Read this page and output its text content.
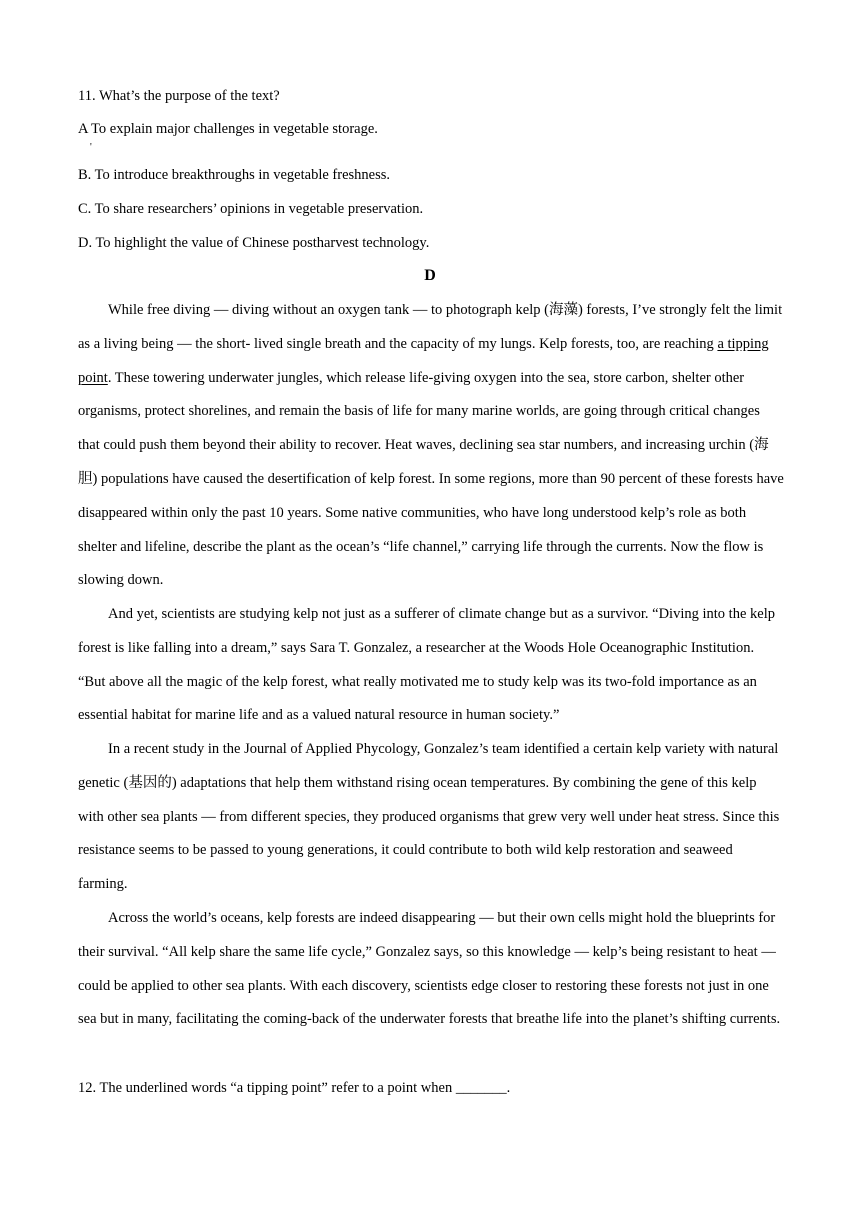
11. What’s the purpose of the text?
A To explain major challenges in vegetable storage.
'
B. To introduce breakthroughs in vegetable freshness.
C. To share researchers’ opinions in vegetable preservation.
D. To highlight the value of Chinese postharvest technology.
D

While free diving — diving without an oxygen tank — to photograph kelp (海藻) forests, I’ve strongly felt the limit as a living being — the short- lived single breath and the capacity of my lungs. Kelp forests, too, are reaching a tipping point. These towering underwater jungles, which release life-giving oxygen into the sea, store carbon, shelter other organisms, protect shorelines, and remain the basis of life for many marine worlds, are going through critical changes that could push them beyond their ability to recover. Heat waves, declining sea star numbers, and increasing urchin (海胆) populations have caused the desertification of kelp forest. In some regions, more than 90 percent of these forests have disappeared within only the past 10 years. Some native communities, who have long understood kelp’s role as both shelter and lifeline, describe the plant as the ocean’s “life channel,” carrying life through the currents. Now the flow is slowing down.

And yet, scientists are studying kelp not just as a sufferer of climate change but as a survivor. “Diving into the kelp forest is like falling into a dream,” says Sara T. Gonzalez, a researcher at the Woods Hole Oceanographic Institution. “But above all the magic of the kelp forest, what really motivated me to study kelp was its two-fold importance as an essential habitat for marine life and as a valued natural resource in human society.”

In a recent study in the Journal of Applied Phycology, Gonzalez’s team identified a certain kelp variety with natural genetic (基因的) adaptations that help them withstand rising ocean temperatures. By combining the gene of this kelp with other sea plants — from different species, they produced organisms that grew very well under heat stress. Since this resistance seems to be passed to young generations, it could contribute to both wild kelp restoration and seaweed farming.

Across the world’s oceans, kelp forests are indeed disappearing — but their own cells might hold the blueprints for their survival. “All kelp share the same life cycle,” Gonzalez says, so this knowledge — kelp’s being resistant to heat — could be applied to other sea plants. With each discovery, scientists edge closer to restoring these forests not just in one sea but in many, facilitating the coming-back of the underwater forests that breathe life into the planet’s shifting currents.

12. The underlined words “a tipping point” refer to a point when _______.
